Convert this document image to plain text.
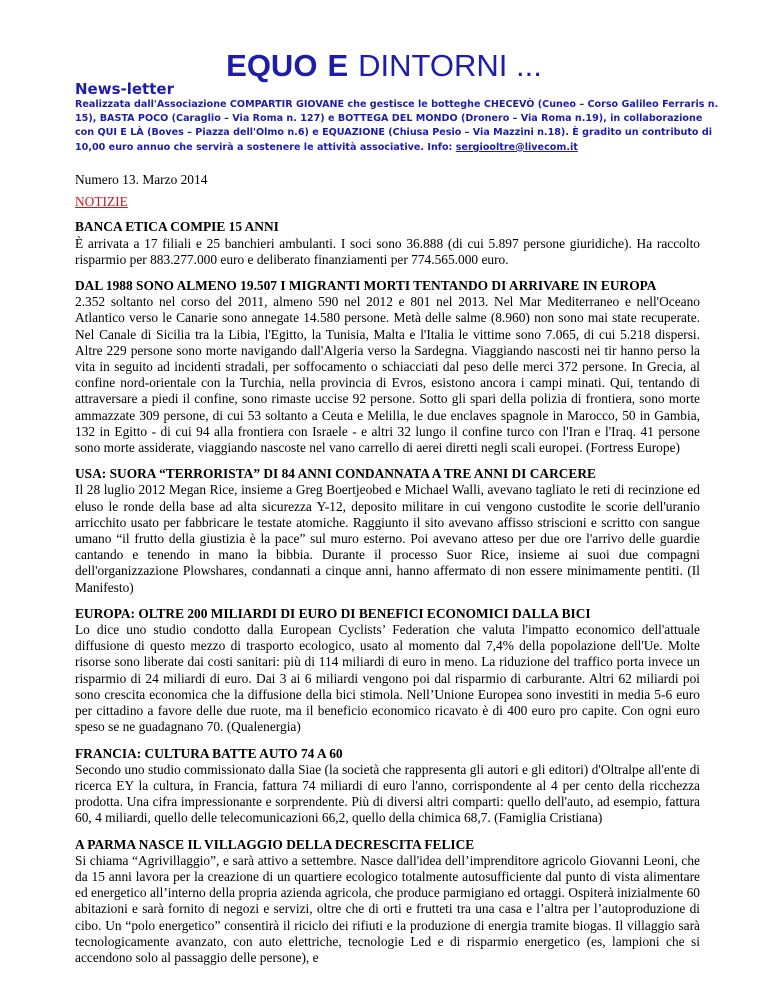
EQUO E DINTORNI ...
News-letter
Realizzata dall'Associazione COMPARTIR GIOVANE che gestisce le botteghe CHECEVÒ (Cuneo – Corso Galileo Ferraris n. 15), BASTA POCO (Caraglio – Via Roma n. 127) e BOTTEGA DEL MONDO (Dronero – Via Roma n.19), in collaborazione con QUI E LÀ (Boves – Piazza dell'Olmo n.6) e EQUAZIONE (Chiusa Pesio – Via Mazzini n.18). È gradito un contributo di 10,00 euro annuo che servirà a sostenere le attività associative. Info: sergiooltre@livecom.it

Numero 13. Marzo 2014

NOTIZIE

BANCA ETICA COMPIE 15 ANNI

È arrivata a 17 filiali e 25 banchieri ambulanti. I soci sono 36.888 (di cui 5.897 persone giuridiche). Ha raccolto risparmio per 883.277.000 euro e deliberato finanziamenti per 774.565.000 euro.

DAL 1988 SONO ALMENO 19.507 I MIGRANTI MORTI TENTANDO DI ARRIVARE IN EUROPA

2.352 soltanto nel corso del 2011, almeno 590 nel 2012 e 801 nel 2013. Nel Mar Mediterraneo e nell'Oceano Atlantico verso le Canarie sono annegate 14.580 persone. Metà delle salme (8.960) non sono mai state recuperate. Nel Canale di Sicilia tra la Libia, l'Egitto, la Tunisia, Malta e l'Italia le vittime sono 7.065, di cui 5.218 dispersi. Altre 229 persone sono morte navigando dall'Algeria verso la Sardegna. Viaggiando nascosti nei tir hanno perso la vita in seguito ad incidenti stradali, per soffocamento o schiacciati dal peso delle merci 372 persone. In Grecia, al confine nord-orientale con la Turchia, nella provincia di Evros, esistono ancora i campi minati. Qui, tentando di attraversare a piedi il confine, sono rimaste uccise 92 persone. Sotto gli spari della polizia di frontiera, sono morte ammazzate 309 persone, di cui 53 soltanto a Ceuta e Melilla, le due enclaves spagnole in Marocco, 50 in Gambia, 132 in Egitto - di cui 94 alla frontiera con Israele - e altri 32 lungo il confine turco con l'Iran e l'Iraq. 41 persone sono morte assiderate, viaggiando nascoste nel vano carrello di aerei diretti negli scali europei. (Fortress Europe)

USA: SUORA “TERRORISTA” DI 84 ANNI CONDANNATA A TRE ANNI DI CARCERE

Il 28 luglio 2012 Megan Rice, insieme a Greg Boertjeobed e Michael Walli, avevano tagliato le reti di recinzione ed eluso le ronde della base ad alta sicurezza Y-12, deposito militare in cui vengono custodite le scorie dell'uranio arricchito usato per fabbricare le testate atomiche. Raggiunto il sito avevano affisso striscioni e scritto con sangue umano “il frutto della giustizia è la pace” sul muro esterno. Poi avevano atteso per due ore l'arrivo delle guardie cantando e tenendo in mano la bibbia. Durante il processo Suor Rice, insieme ai suoi due compagni dell'organizzazione Plowshares, condannati a cinque anni, hanno affermato di non essere minimamente pentiti. (Il Manifesto)

EUROPA: OLTRE 200 MILIARDI DI EURO DI BENEFICI ECONOMICI DALLA BICI

Lo dice uno studio condotto dalla European Cyclists’ Federation che valuta l'impatto economico dell'attuale diffusione di questo mezzo di trasporto ecologico, usato al momento dal 7,4% della popolazione dell'Ue. Molte risorse sono liberate dai costi sanitari: più di 114 miliardi di euro in meno. La riduzione del traffico porta invece un risparmio di 24 miliardi di euro. Dai 3 ai 6 miliardi vengono poi dal risparmio di carburante. Altri 62 miliardi poi sono crescita economica che la diffusione della bici stimola. Nell’Unione Europea sono investiti in media 5-6 euro per cittadino a favore delle due ruote, ma il beneficio economico ricavato è di 400 euro pro capite. Con ogni euro speso se ne guadagnano 70. (Qualenergia)

FRANCIA: CULTURA BATTE AUTO 74 A 60

Secondo uno studio commissionato dalla Siae (la società che rappresenta gli autori e gli editori) d'Oltralpe all'ente di ricerca EY la cultura, in Francia, fattura 74 miliardi di euro l'anno, corrispondente al 4 per cento della ricchezza prodotta. Una cifra impressionante e sorprendente. Più di diversi altri comparti: quello dell'auto, ad esempio, fattura 60, 4 miliardi, quello delle telecomunicazioni 66,2, quello della chimica 68,7. (Famiglia Cristiana)

A PARMA NASCE IL VILLAGGIO DELLA DECRESCITA FELICE

Si chiama “Agrivillaggio”, e sarà attivo a settembre. Nasce dall'idea dell’imprenditore agricolo Giovanni Leoni, che da 15 anni lavora per la creazione di un quartiere ecologico totalmente autosufficiente dal punto di vista alimentare ed energetico all’interno della propria azienda agricola, che produce parmigiano ed ortaggi. Ospiterà inizialmente 60 abitazioni e sarà fornito di negozi e servizi, oltre che di orti e frutteti tra una casa e l’altra per l’autoproduzione di cibo. Un “polo energetico” consentirà il riciclo dei rifiuti e la produzione di energia tramite biogas. Il villaggio sarà tecnologicamente avanzato, con auto elettriche, tecnologie Led e di risparmio energetico (es, lampioni che si accendono solo al passaggio delle persone), e
